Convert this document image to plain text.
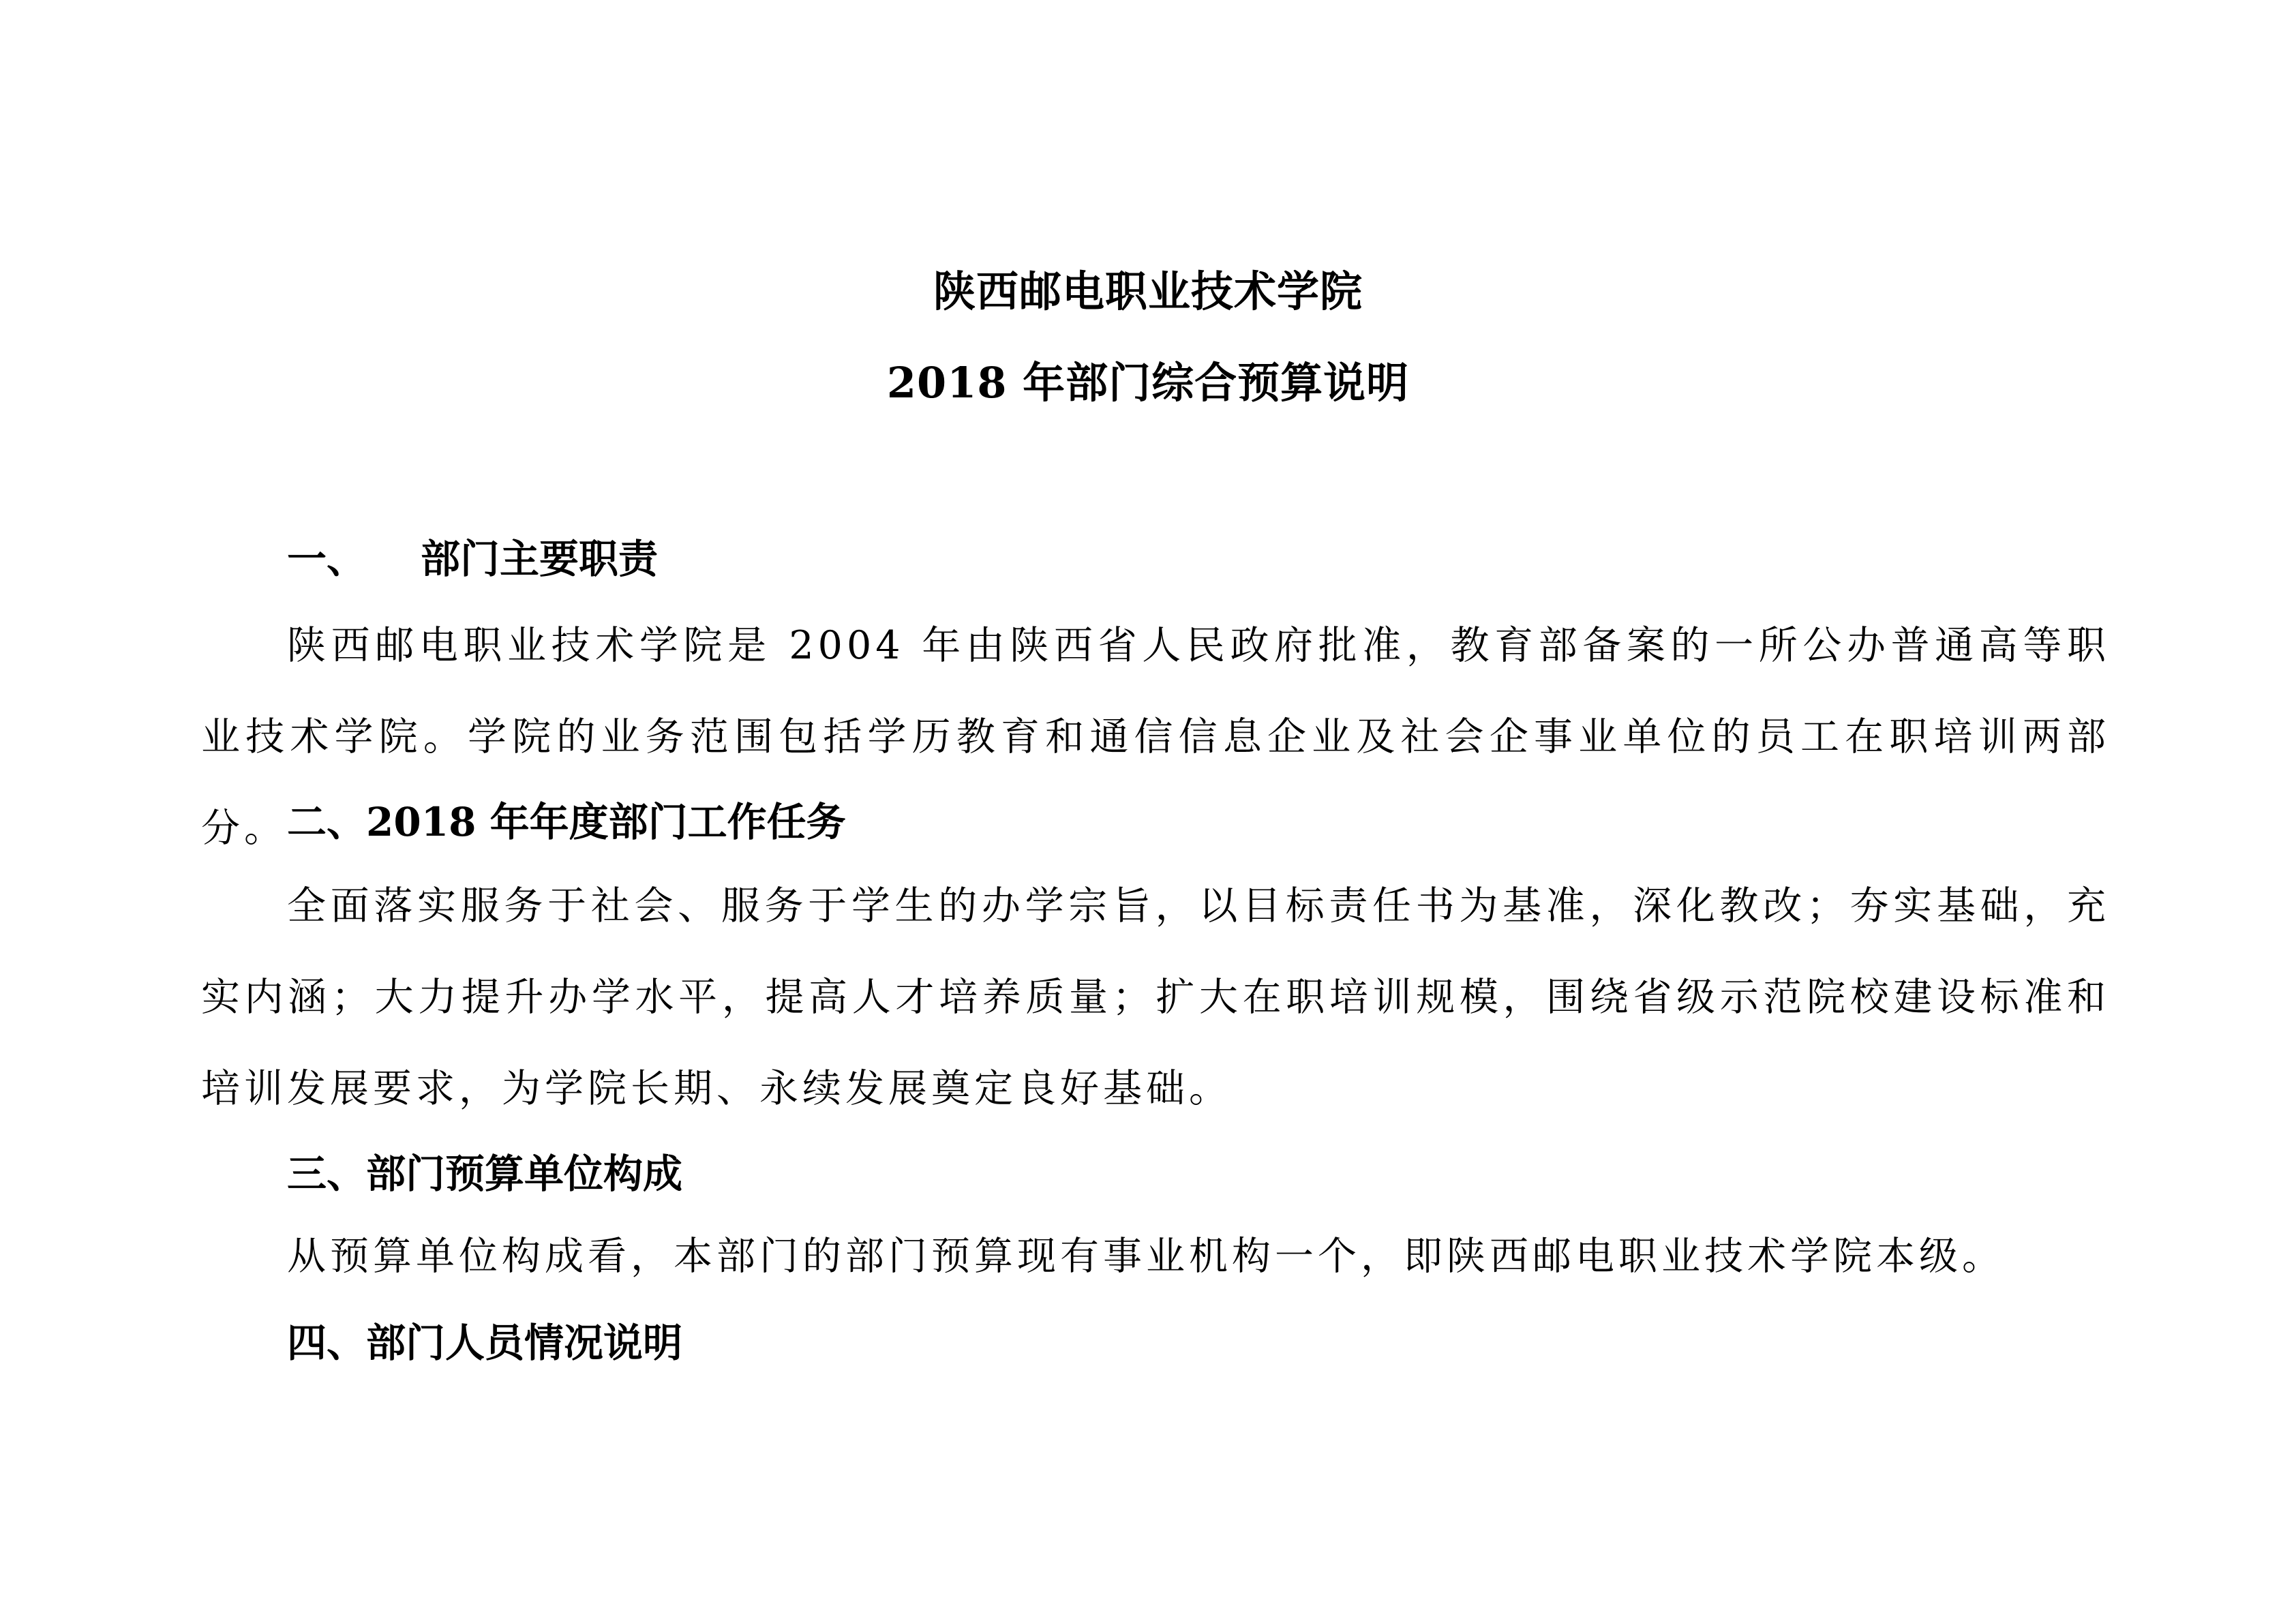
陕西邮电职业技术学院
2018 年部门综合预算说明
一、 部门主要职责
陕西邮电职业技术学院是 2004 年由陕西省人民政府批准，教育部备案的一所公办普通高等职业技术学院。学院的业务范围包括学历教育和通信信息企业及社会企事业单位的员工在职培训两部分。 二、2018 年年度部门工作任务
全面落实服务于社会、服务于学生的办学宗旨，以目标责任书为基准，深化教改；夯实基础，充实内涵；大力提升办学水平，提高人才培养质量；扩大在职培训规模，围绕省级示范院校建设标准和培训发展要求，为学院长期、永续发展奠定良好基础。
三、部门预算单位构成
从预算单位构成看，本部门的部门预算现有事业机构一个，即陕西邮电职业技术学院本级。
四、部门人员情况说明
